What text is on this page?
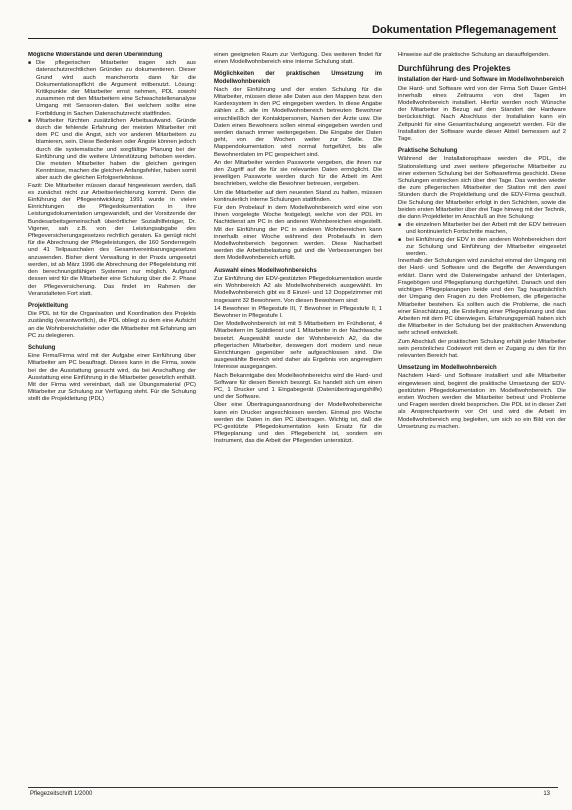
Dokumentation Pflegemanagement
Mögliche Widerstände und deren Überwindung
■ Die pflegerischen Mitarbeiter tragen sich aus datenschutzrechtlichen Gründen zu dokumentieren. Dieser Grund wird auch mancherorts dann für die Dokumentationspflicht die Argument mitbenutzt. Lösung: Kritikpunkte der Mitarbeiter ernst nehmen, PDL sowohl zusammen mit den Mitarbeitern eine Schwachstellenanalyse Umgang mit Sensoren-daten. Bei welchem sollte eine Fortbildung in Sachen Datenschutzrecht stattfinden.
■ Mitarbeiter fürchten zusätzlichen Arbeitsaufwand. Gründe durch die fehlende Erfahrung der meisten Mitarbeiter mit dem PC und die Angst, sich vor anderen Mitarbeitern zu blamieren, sein. Diese Bedenken oder Ängste können jedoch durch die systematische und sorgfältige Planung bei der Einführung und die weitere Unterstützung behoben werden. Die meisten Mitarbeiter haben die gleichen geringen Kenntnisse, machen die gleichen Anfangsfehler, haben somit aber auch die gleichen Erfolgserlebnisse.

Fazit: Die Mitarbeiter müssen darauf hingewiesen werden, daß es zunächst nicht zur Arbeitserleichterung kommt. Denn die Einführung der Pflegeentwicklung 1991 wurde in vielen Einrichtungen die Pflegedokumentation in ihre Leistungsdokumentation umgewandelt, und der Vorsitzende der Bundesarbeitsgemeinschaft überörtlicher Sozialhilfeträger, Dr. Vigener, sah z.B. von der Leistungsabgabe des Pflegeversicherungsgesetzes rechtlich geraten. Es genügt nicht für die Abrechnung der Pflegeleistungen, die 160 Sonderregeln und 41 Teilpauschalen des Gesamtvereinbarungsgesetzes anzuwenden. Bisher dient Verwaltung in der Praxis umgesetzt werden, ist ab März 1996 die Abrechnung der Pflegeleistung mit den berechnungsfähigen Systemen nur möglich. Aufgrund dessen wird für die Mitarbeiter eine Schulung über die 2. Phase der Pflegeversicherung. Das findet im Rahmen der Veranstalteten Fort statt.

Projektleitung

Die PDL ist für die Organisation und Koordination des Projekts zuständig (verantwortlich), die PDL obliegt zu dem eine Aufsicht an die Wohnbereichsleiter oder die Mitarbeiter mit Erfahrung am PC zu delegieren.

Schulung

Eine Firma/Firma wird mit der Aufgabe einer Einführung über Mitarbeiter am PC beauftragt. Dieses kann in die Firma, sowie bei der die Ausstattung gesucht wird, da bei Anschaffung der Ausstattung eine Einführung in die Mitarbeiter gesetzlich enthält. Mit der Firma wird vereinbart, daß sie Übungsmaterial (PC) Mitarbeiter zur Schulung zur Verfügung steht. Für die Schulung stellt die Projektleitung (PDL)

einen geeigneten Raum zur Verfügung. Des weiteren findet für einen Modellwohnbereich eine interne Schulung statt.

Möglichkeiten der praktischen Umsetzung im Modellwohnbereich

Nach der Einführung und der ersten Schulung für die Mitarbeiter, müssen diese alle Daten aus den Mappen bzw. den Kardexsystem in den PC eingegeben werden. In diese Angabe zählen z.B. alle im Modellwohnbereich betreuten Bewohner einschließlich der Kontaktpersonen, Namen der Ärzte usw. Die Daten eines Bewohners sollen einmal eingegeben werden und werden danach immer weitergegeben. Die Eingabe der Daten geht, von der Wochen weiter zur Stelle. Die Mappendokumentation wird normal fortgeführt, bis alle Bewohnerdaten im PC gespeichert sind.

An der Mitarbeiter werden Passworte vergeben, die ihnen nur den Zugriff auf die für sie relevanten Daten ermöglicht. Die jeweiligen Passworte werden durch für die Arbeit im Amt beschrieben, welche die Bewohner betreuen, vergeben.

Um die Mitarbeiter auf dem neuesten Stand zu halten, müssen kontinuierlich interne Schulungen stattfinden.

Für den Probelauf in dem Modellwohnbereich wird eine von Ihnen vorgelegte Woche festgelegt, welche von der PDL im Nachtdienst am PC in den anderen Wohnbereichen eingestellt. Mit der Einführung der PC in anderen Wohnbereichen kann innerhalb einer Woche während des Probelaufs in dem Modellwohnbereich begonnen werden. Diese Nacharbeit werden die Arbeitsbelastung gut und die Verbesserungen bei dem Modellwohnbereich erfüllt.

Auswahl eines Modellwohnbereichs

Zur Einführung der EDV-gestützten Pflegedokumentation wurde ein Wohnbereich A2 als Modellwohnbereich ausgewählt. Im Modellwohnbereich gibt es 8 Einzel- und 12 Doppelzimmer mit insgesamt 32 Bewohnern. Von diesen Bewohnern sind:

14 Bewohner in Pflegestufe III, 7 Bewohner in Pflegestufe II, 1 Bewohner in Pflegestufe I.

Der Modellwohnbereich ist mit 5 Mitarbeitern im Frühdienst, 4 Mitarbeitern im Spätdienst und 1 Mitarbeiter in der Nachtwache besetzt. Ausgewählt wurde der Wohnbereich A2, da die pflegerischen Mitarbeiter, deswegen dort modern und neue Einrichtungen gegenüber sehr aufgeschlossen sind. Die ausgewählte Bereich wird daher als Ergebnis von angeregtem Interesse ausgegangen.

Nach Bekanntgabe des Modellwohnbereichs wird die Hard- und Software für diesen Bereich besorgt. Es handelt sich um einen PC, 1 Drucker und 1 Eingabegerät (Datenübertragungshilfe) und der Software.

Über eine Übertragungsanordnung der Modellwohnbereiche kann ein Drucker angeschlossen werden. Einmal pro Woche werden die Daten in den PC übertragen. Wichtig ist, daß die PC-gestützte Pflegedokumentation kein Ersatz für die Pflegeplanung und den Pflegebericht ist, sondern ein Instrument, das die Arbeit der Pflegenden unterstützt.

Hinweise auf die praktische Schulung an darauffolgenden.

Durchführung des Projektes
Installation der Hard- und Software im Modellwohnbereich

Die Hard- und Software wird von der Firma Soft Dauer GmbH innerhalb eines Zeitraums von drei Tagen im Modellwohnbereich installiert. Hierfür werden noch Wünsche der Mitarbeiter in Bezug auf den Standort der Hardware berücksichtigt. Nach Abschluss der Installation kann ein Zeitpunkt für eine Gesamtschulung angesetzt werden. Für die Installation der Software wurde dieser Abteil bemessen auf 2 Tage.

Praktische Schulung

Während der Installationsphase werden die PDL, die Stationsleitung und zwei weitere pflegerische Mitarbeiter zu einer externen Schulung bei der Softwarefirma geschickt. Diese Schulungen erstrecken sich über drei Tage. Das werden wieder die zum pflegerischen Mitarbeiter der Station mit den zwei Stunden durch die Projektleitung und die EDV-Firma geschult. Die Schulung der Mitarbeiter erfolgt in den Schichten, sowie die beiden ersten Mitarbeiter über drei Tage hinweg mit der Technik, die dann Projektleiter im Anschluß an ihre Schulung:

■ die einzelnen Mitarbeiter bei der Arbeit mit der EDV betreuen und kontinuierlich Fortschritte machen,
■ bei Einführung der EDV in den anderen Wohnbereichen dort zur Schulung und Einführung der Mitarbeiter eingesetzt werden.

Innerhalb der Schulungen wird zunächst einmal der Umgang mit der Hard- und Software und die Begriffe der Anwendungen erklärt. Dann wird die Dateneingabe anhand der Unterlagen, Fragebögen und Pflegeplanung durchgeführt. Danach und den wichtigen Pflegeplanungen beide und den Tag hauptsächlich der Umgang den Fragen zu den Problemen, die pflegerische Mitarbeiter bestehen. Es sollten auch die Probleme, die nach einer Einschätzung, die Erstellung einer Pflegeplanung und das Arbeiten mit dem PC überwiegen. Erfahrungsgemäß haben sich die Mitarbeiter in der Schulung bei der praktischen Anwendung sehr schnell entwickelt.

Zum Abschluß der praktischen Schulung erhält jeder Mitarbeiter sein persönliches Codewort mit dem er Zugang zu den für ihn relevanten Bereich hat.

Umsetzung im Modellwohnbereich

Nachdem Hard- und Software installiert und alle Mitarbeiter eingewiesen sind, beginnt die praktische Umsetzung der EDV-gestützten Pflegedokumentation im Modellwohnbereich. Die ersten Wochen werden die Mitarbeiter betreut und Probleme und Fragen werden direkt besprochen. Die PDL ist in dieser Zeit als Ansprechpartnerin vor Ort und wird die Arbeit im Modellwohnbereich eng begleiten, um sich so ein Bild von der Umsetzung zu machen.

Pflegezeitschrift 1/2000	13
